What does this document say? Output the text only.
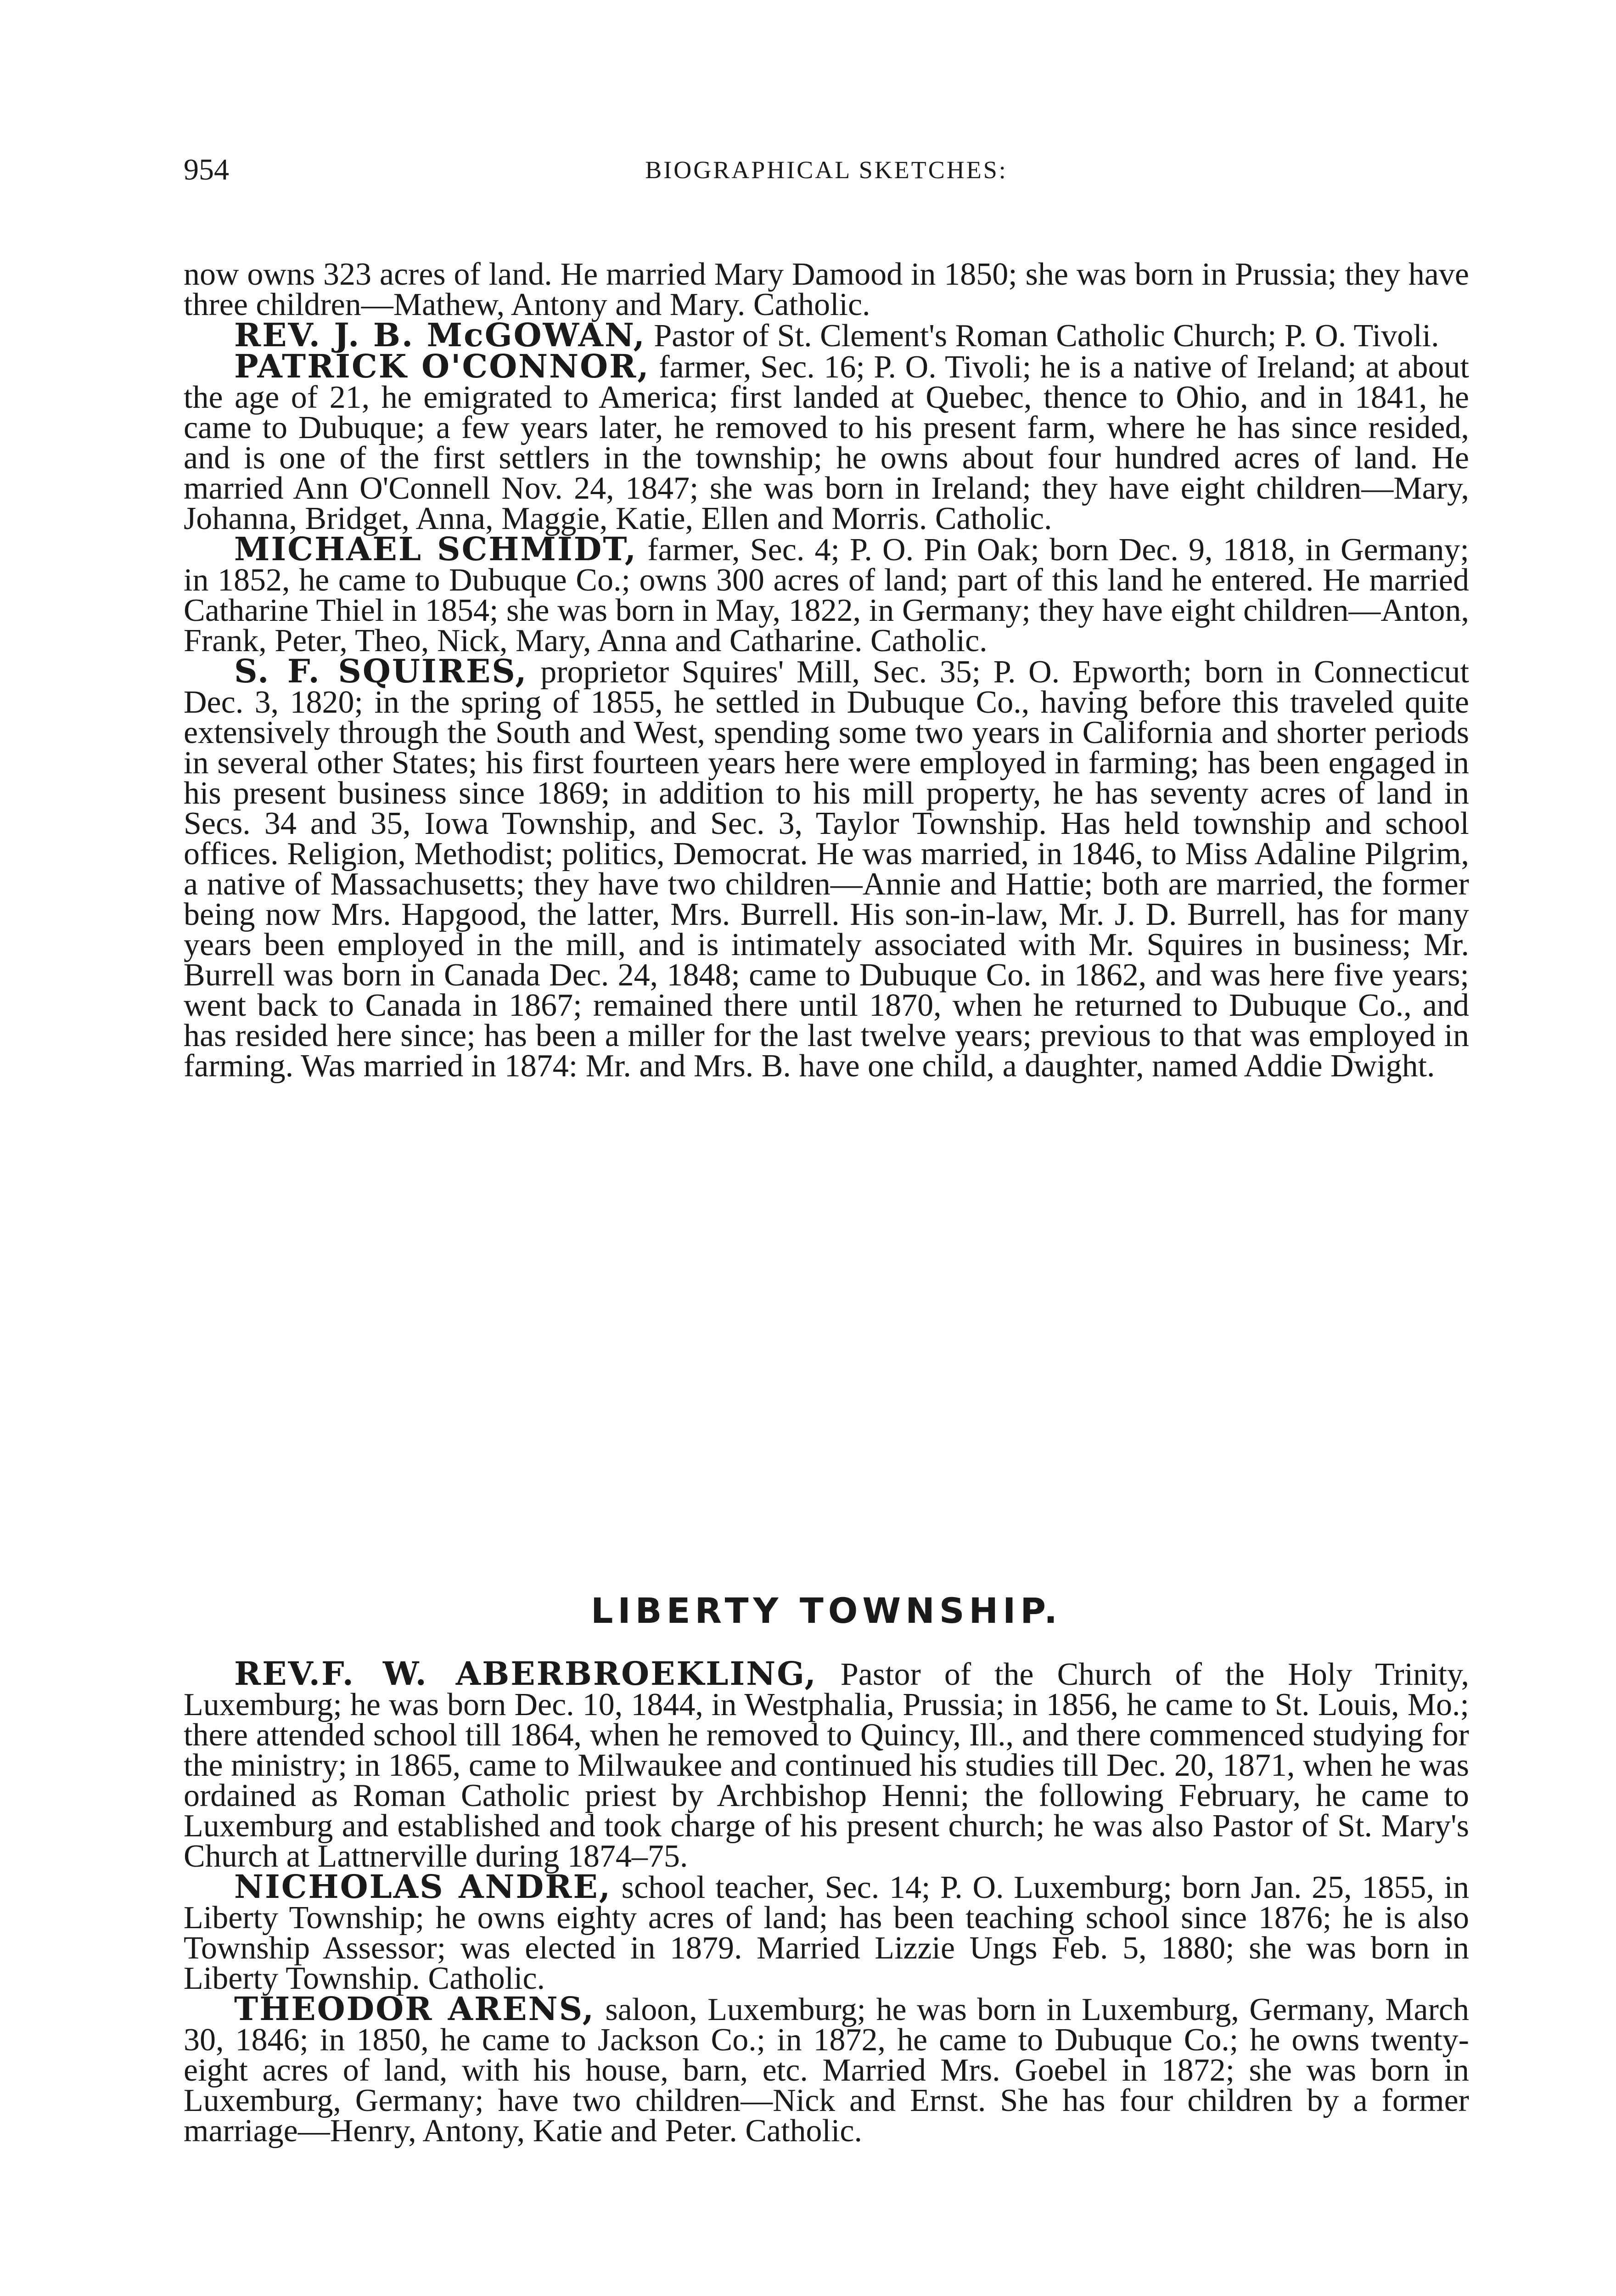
954	BIOGRAPHICAL SKETCHES:

now owns 323 acres of land. He married Mary Damood in 1850; she was born in Prussia; they have three children—Mathew, Antony and Mary. Catholic.

REV. J. B. McGOWAN, Pastor of St. Clement's Roman Catholic Church; P. O. Tivoli.

PATRICK O'CONNOR, farmer, Sec. 16; P. O. Tivoli; he is a native of Ireland; at about the age of 21, he emigrated to America; first landed at Quebec, thence to Ohio, and in 1841, he came to Dubuque; a few years later, he removed to his present farm, where he has since resided, and is one of the first settlers in the township; he owns about four hundred acres of land. He married Ann O'Connell Nov. 24, 1847; she was born in Ireland; they have eight children—Mary, Johanna, Bridget, Anna, Maggie, Katie, Ellen and Morris. Catholic.

MICHAEL SCHMIDT, farmer, Sec. 4; P. O. Pin Oak; born Dec. 9, 1818, in Germany; in 1852, he came to Dubuque Co.; owns 300 acres of land; part of this land he entered. He married Catharine Thiel in 1854; she was born in May, 1822, in Germany; they have eight children—Anton, Frank, Peter, Theo, Nick, Mary, Anna and Catharine. Catholic.

S. F. SQUIRES, proprietor Squires' Mill, Sec. 35; P. O. Epworth; born in Connecticut Dec. 3, 1820; in the spring of 1855, he settled in Dubuque Co., having before this traveled quite extensively through the South and West, spending some two years in California and shorter periods in several other States; his first fourteen years here were employed in farming; has been engaged in his present business since 1869; in addition to his mill property, he has seventy acres of land in Secs. 34 and 35, Iowa Township, and Sec. 3, Taylor Township. Has held township and school offices. Religion, Methodist; politics, Democrat. He was married, in 1846, to Miss Adaline Pilgrim, a native of Massachusetts; they have two children—Annie and Hattie; both are married, the former being now Mrs. Hapgood, the latter, Mrs. Burrell. His son-in-law, Mr. J. D. Burrell, has for many years been employed in the mill, and is intimately associated with Mr. Squires in business; Mr. Burrell was born in Canada Dec. 24, 1848; came to Dubuque Co. in 1862, and was here five years; went back to Canada in 1867; remained there until 1870, when he returned to Dubuque Co., and has resided here since; has been a miller for the last twelve years; previous to that was employed in farming. Was married in 1874: Mr. and Mrs. B. have one child, a daughter, named Addie Dwight.

LIBERTY TOWNSHIP.

REV.F. W. ABERBROEKLING, Pastor of the Church of the Holy Trinity, Luxemburg; he was born Dec. 10, 1844, in Westphalia, Prussia; in 1856, he came to St. Louis, Mo.; there attended school till 1864, when he removed to Quincy, Ill., and there commenced studying for the ministry; in 1865, came to Milwaukee and continued his studies till Dec. 20, 1871, when he was ordained as Roman Catholic priest by Archbishop Henni; the following February, he came to Luxemburg and established and took charge of his present church; he was also Pastor of St. Mary's Church at Lattnerville during 1874–75.

NICHOLAS ANDRE, school teacher, Sec. 14; P. O. Luxemburg; born Jan. 25, 1855, in Liberty Township; he owns eighty acres of land; has been teaching school since 1876; he is also Township Assessor; was elected in 1879. Married Lizzie Ungs Feb. 5, 1880; she was born in Liberty Township. Catholic.

THEODOR ARENS, saloon, Luxemburg; he was born in Luxemburg, Germany, March 30, 1846; in 1850, he came to Jackson Co.; in 1872, he came to Dubuque Co.; he owns twenty-eight acres of land, with his house, barn, etc. Married Mrs. Goebel in 1872; she was born in Luxemburg, Germany; have two children—Nick and Ernst. She has four children by a former marriage—Henry, Antony, Katie and Peter. Catholic.
